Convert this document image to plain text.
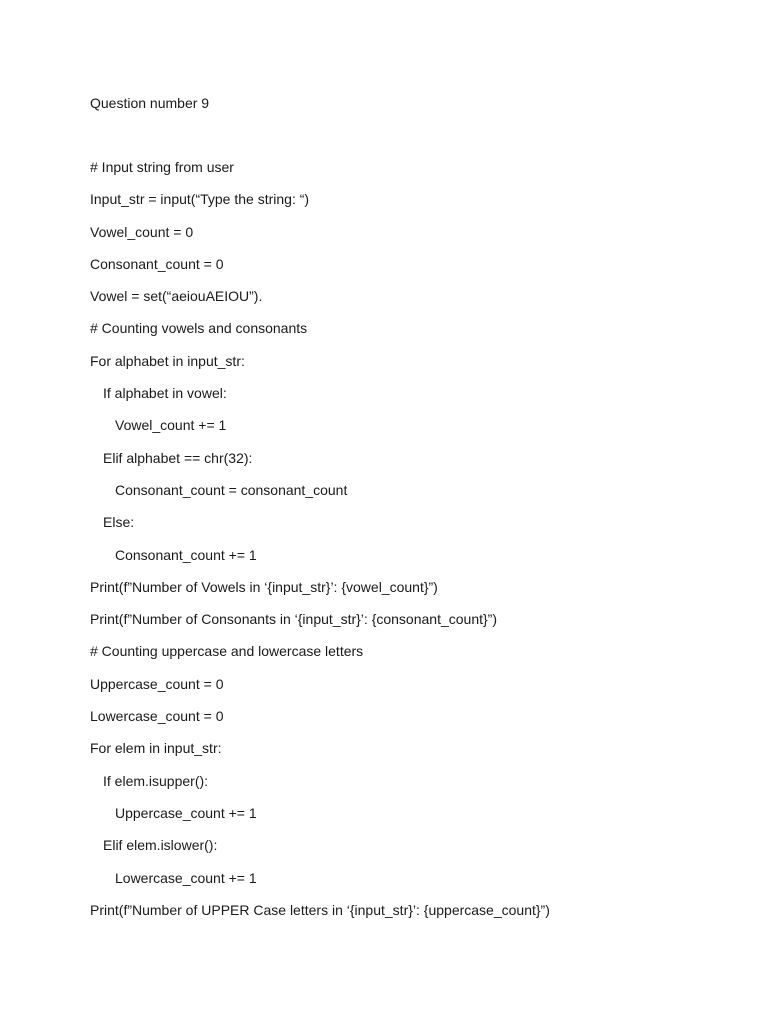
Question number 9
# Input string from user
Input_str = input(“Type the string: “)
Vowel_count = 0
Consonant_count = 0
Vowel = set(“aeiouAEIOU”).
# Counting vowels and consonants
For alphabet in input_str:
If alphabet in vowel:
Vowel_count += 1
Elif alphabet == chr(32):
Consonant_count = consonant_count
Else:
Consonant_count += 1
Print(f”Number of Vowels in ‘{input_str}’: {vowel_count}”)
Print(f”Number of Consonants in ‘{input_str}’: {consonant_count}”)
# Counting uppercase and lowercase letters
Uppercase_count = 0
Lowercase_count = 0
For elem in input_str:
If elem.isupper():
Uppercase_count += 1
Elif elem.islower():
Lowercase_count += 1
Print(f”Number of UPPER Case letters in ‘{input_str}’: {uppercase_count}”)
